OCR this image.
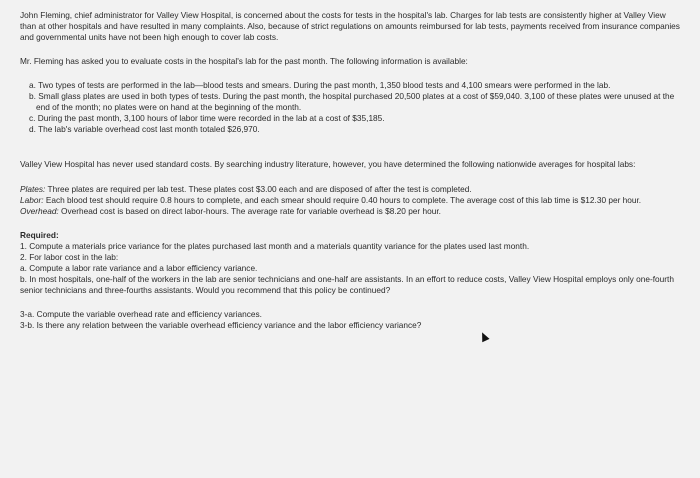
John Fleming, chief administrator for Valley View Hospital, is concerned about the costs for tests in the hospital's lab. Charges for lab tests are consistently higher at Valley View than at other hospitals and have resulted in many complaints. Also, because of strict regulations on amounts reimbursed for lab tests, payments received from insurance companies and governmental units have not been high enough to cover lab costs.

Mr. Fleming has asked you to evaluate costs in the hospital's lab for the past month. The following information is available:

a. Two types of tests are performed in the lab—blood tests and smears. During the past month, 1,350 blood tests and 4,100 smears were performed in the lab.
b. Small glass plates are used in both types of tests. During the past month, the hospital purchased 20,500 plates at a cost of $59,040. 3,100 of these plates were unused at the end of the month; no plates were on hand at the beginning of the month.
c. During the past month, 3,100 hours of labor time were recorded in the lab at a cost of $35,185.
d. The lab's variable overhead cost last month totaled $26,970.

Valley View Hospital has never used standard costs. By searching industry literature, however, you have determined the following nationwide averages for hospital labs:

Plates: Three plates are required per lab test. These plates cost $3.00 each and are disposed of after the test is completed.

Labor: Each blood test should require 0.8 hours to complete, and each smear should require 0.40 hours to complete. The average cost of this lab time is $12.30 per hour.

Overhead: Overhead cost is based on direct labor-hours. The average rate for variable overhead is $8.20 per hour.

Required:

1. Compute a materials price variance for the plates purchased last month and a materials quantity variance for the plates used last month.

2. For labor cost in the lab:

a. Compute a labor rate variance and a labor efficiency variance.

b. In most hospitals, one-half of the workers in the lab are senior technicians and one-half are assistants. In an effort to reduce costs, Valley View Hospital employs only one-fourth senior technicians and three-fourths assistants. Would you recommend that this policy be continued?

3-a. Compute the variable overhead rate and efficiency variances.

3-b. Is there any relation between the variable overhead efficiency variance and the labor efficiency variance?
